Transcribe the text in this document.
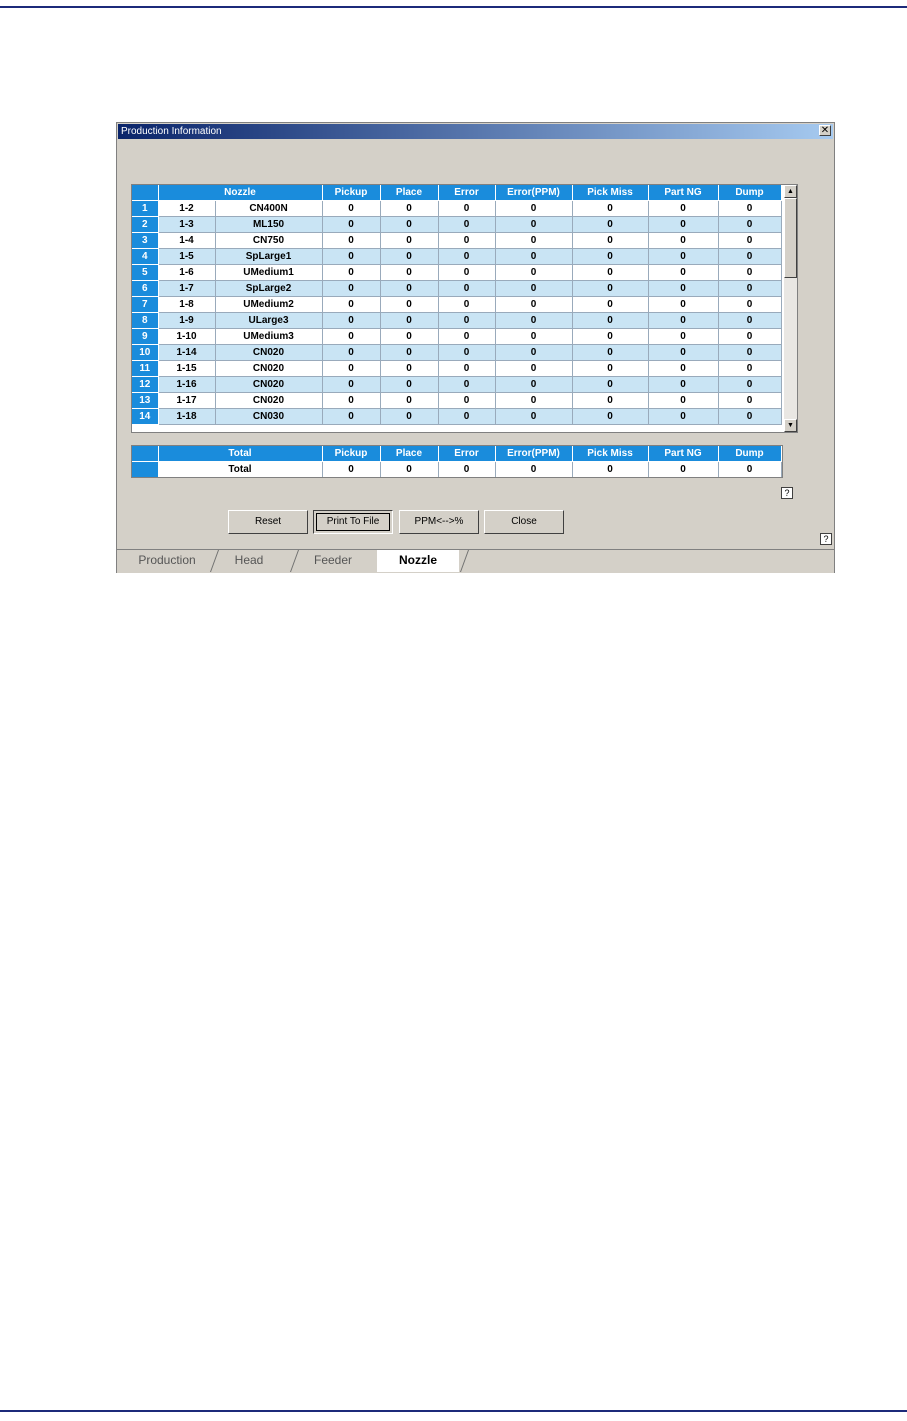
Production Information	✕
	Nozzle		Pickup	Place	Error	Error(PPM)	Pick Miss	Part NG	Dump
1	1-2	CN400N	0	0	0	0	0	0	0
2	1-3	ML150	0	0	0	0	0	0	0
3	1-4	CN750	0	0	0	0	0	0	0
4	1-5	SpLarge1	0	0	0	0	0	0	0
5	1-6	UMedium1	0	0	0	0	0	0	0
6	1-7	SpLarge2	0	0	0	0	0	0	0
7	1-8	UMedium2	0	0	0	0	0	0	0
8	1-9	ULarge3	0	0	0	0	0	0	0
9	1-10	UMedium3	0	0	0	0	0	0	0
10	1-14	CN020	0	0	0	0	0	0	0
11	1-15	CN020	0	0	0	0	0	0	0
12	1-16	CN020	0	0	0	0	0	0	0
13	1-17	CN020	0	0	0	0	0	0	0
14	1-18	CN030	0	0	0	0	0	0	0
▲
▼
	Total	Pickup	Place	Error	Error(PPM)	Pick Miss	Part NG	Dump
	Total	0	0	0	0	0	0	0
?
Reset	Print To File	PPM<-->%	Close
?
Production	Head	Feeder	Nozzle
